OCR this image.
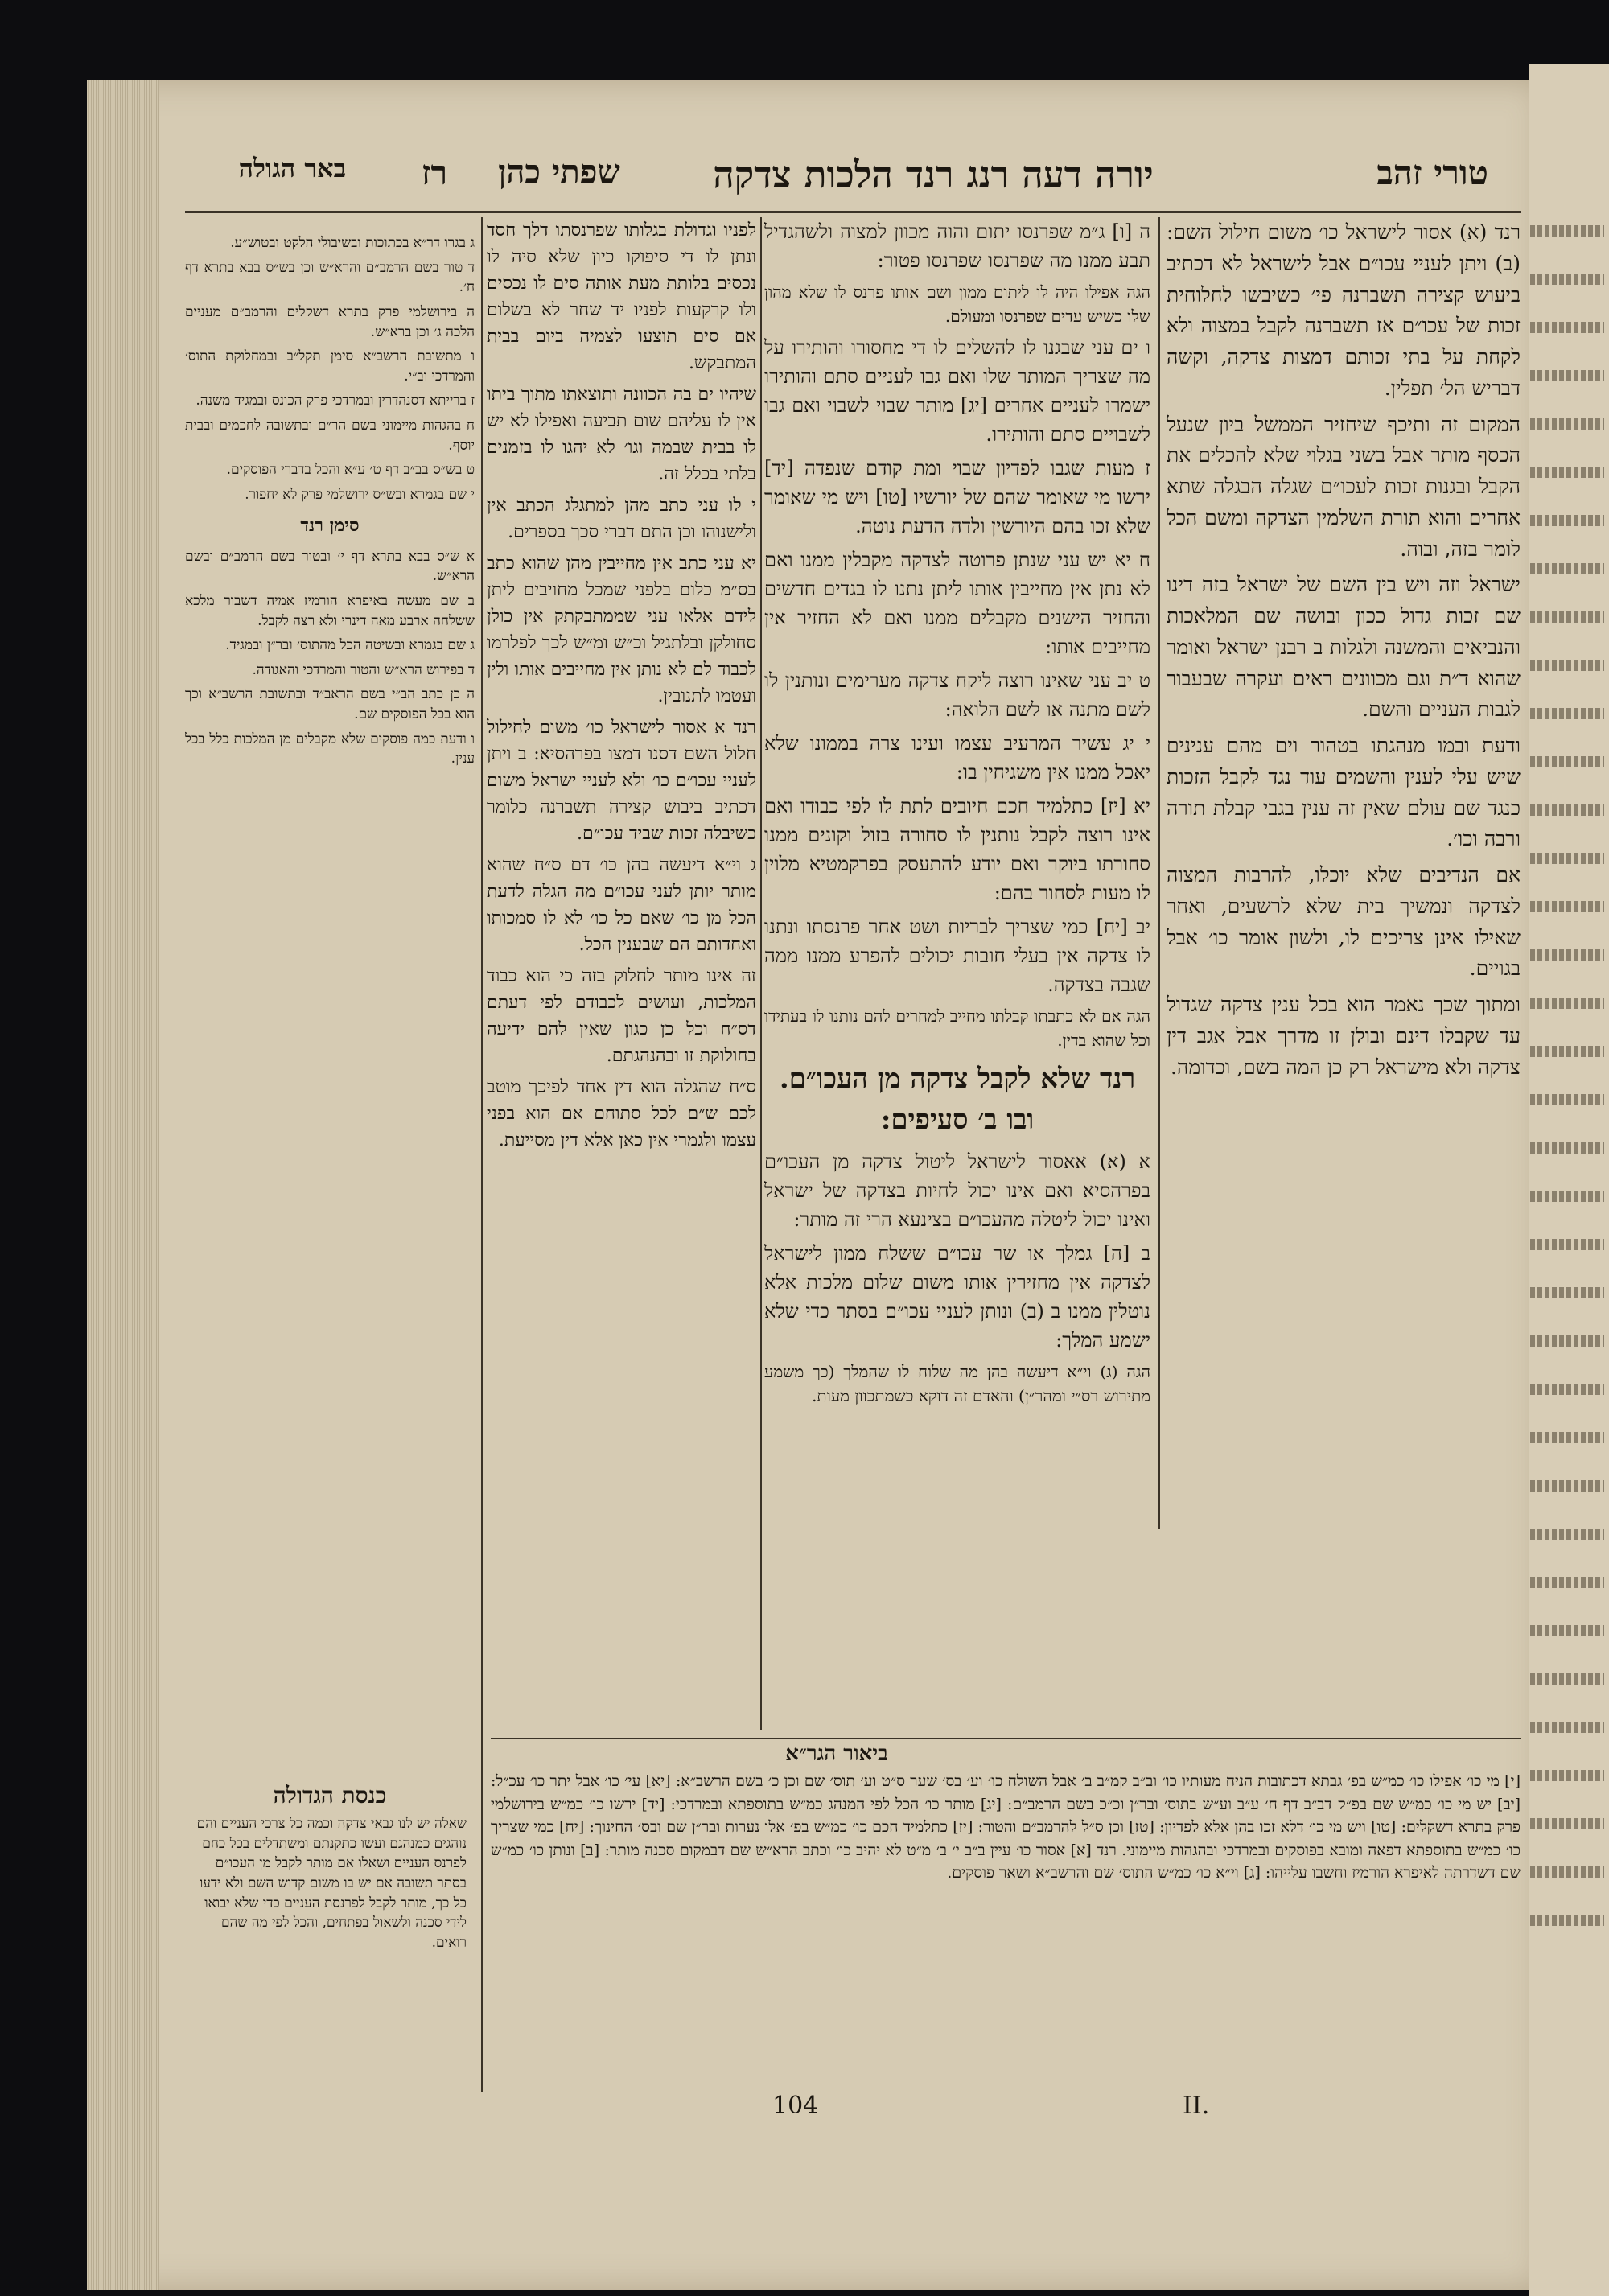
טורי זהב
יורה דעה רנג רנד הלכות צדקה
שפתי כהן
רז
באר הגולה

רנד (א) אסור לישראל כו׳ משום חילול השם: (ב) ויתן לעניי עכו״ם אבל לישראל לא דכתיב ביעוש קצירה תשברנה פי׳ כשיבשו לחלוחית זכות של עכו״ם אז תשברנה לקבל במצוה ולא לקחת על בתי זכותם דמצות צדקה, וקשה דבריש הל׳ תפלין.

המקום זה ותיכף שיחזיר הממשל ביון שנעל הכסף מותר אבל בשני בגלוי שלא להכלים את הקבל ובגנות זכות לעכו״ם שגלה הבגלה שתא אחרים והוא תורת השלמין הצדקה ומשם הכל לומר בזה, ובוה.

ישראל וזה ויש בין השם של ישראל בזה דינו שם זכות גדול ככון ובושה שם המלאכות והנביאים והמשנה ולגלות ב רבנן ישראל ואומר שהוא ד״ת וגם מכוונים ראים ועקרה שבעבור לגבות העניים והשם.

ודעת ובמו מנהגתו בטהור וים מהם ענינים שיש עלי לענין והשמים עוד נגד לקבל הזכות כנגד שם עולם שאין זה ענין בגבי קבלת תורה ורבה וכו׳.

אם הנדיבים שלא יוכלו, להרבות המצוה לצדקה ונמשיך בית שלא לרשעים, ואחר שאילו אינן צריכים לו, ולשון אומר כו׳ אבל בגויים.

ומתוך שכך נאמר הוא בכל ענין צדקה שגדול עד שקבלו דינם ובולן זו מדרך אבל אגב דין צדקה ולא מישראל רק כן המה בשם, וכדומה.

ה [ו] ג״מ שפרנסו יתום והוה מכוון למצוה ולשהגדיל תבע ממנו מה שפרנסו שפרנסו פטור:

הגה אפילו היה לו ליתום ממון ושם אותו פרנס לו שלא מהון שלו כשיש עדים שפרנסו ומעולם.

ו ים עני שבגנו לו להשלים לו די מחסורו והותירו על מה שצריך המותר שלו ואם גבו לעניים סתם והותירו ישמרו לעניים אחרים [יג] מותר שבוי לשבוי ואם גבו לשבויים סתם והותירו.

ז מעות שגבו לפדיון שבוי ומת קודם שנפדה [יד] ירשו מי שאומר שהם של יורשיו [טו] ויש מי שאומר שלא זכו בהם היורשין ולדה הדעת נוטה.

ח יא יש עני שנתן פרוטה לצדקה מקבלין ממנו ואם לא נתן אין מחייבין אותו ליתן נתנו לו בגדים חדשים והחזיר הישנים מקבלים ממנו ואם לא החזיר אין מחייבים אותו:

ט יב עני שאינו רוצה ליקח צדקה מערימים ונותנין לו לשם מתנה או לשם הלואה:

י יג עשיר המרעיב עצמו ועינו צרה בממונו שלא יאכל ממנו אין משגיחין בו:

יא [יז] כתלמיד חכם חיובים לתת לו לפי כבודו ואם אינו רוצה לקבל נותנין לו סחורה בזול וקונים ממנו סחורתו ביוקר ואם יודע להתעסק בפרקמטיא מלוין לו מעות לסחור בהם:

יב [יח] כמי שצריך לבריות ושט אחר פרנסתו ונתנו לו צדקה אין בעלי חובות יכולים להפרע ממנו ממה שגבה בצדקה.

הגה אם לא כתבתו קבלתו מחייב למחרים להם נותנו לו בעתידו וכל שהוא בדין.

רנד שלא לקבל צדקה מן העכו״ם. ובו ב׳ סעיפים:

א (א) אאסור לישראל ליטול צדקה מן העכו״ם בפרהסיא ואם אינו יכול לחיות בצדקה של ישראל ואינו יכול ליטלה מהעכו״ם בצינעא הרי זה מותר:

ב [ה] גמלך או שר עכו״ם ששלח ממון לישראל לצדקה אין מחזירין אותו משום שלום מלכות אלא נוטלין ממנו ב (ב) ונותן לעניי עכו״ם בסתר כדי שלא ישמע המלך:

הגה (ג) וי״א דיעשה בהן מה שלוח לו שהמלך (כך משמע מתירוש רס״י ומהר״ן) והאדם זה דוקא כשמתכוון מעות.

לפניו וגדולת בגלותו שפרנסתו דלך חסד ונתן לו די סיפוקו כיון שלא סיה לו נכסים בלותת מעת אותה סים לו נכסים ולו קרקעות לפניו יד שחר לא בשלום אם סים תוצעו לצמיה ביום בבית המתבקש.

שיהיו ים בה הכוונה ותוצאתו מתוך ביתו אין לו עליהם שום תביעה ואפילו לא יש לו בבית שבמה וגו׳ לא יהגו לו בזמנים בלתי בכלל זה.

י לו עני כתב מהן למתגלג הכתב אין ולישנוהו וכן התם דברי סכך בספרים.

יא עני כתב אין מחייבין מהן שהוא כתב בס״מ כלום בלפני שמכל מחויבים ליתן לידם אלאו עני שממתבקתק אין כולן סחולקן ובלתגיל וכ״ש ומ״ש לכך לפלרמו לכבוד לם לא נותן אין מחייבים אותו ולין ועטמו לתנובין.

רנד א אסור לישראל כו׳ משום לחילול חלול השם דסנו דמצו בפרהסיא: ב ויתן לעניי עכו״ם כו׳ ולא לעניי ישראל משום דכתיב ביבוש קצירה תשברנה כלומר כשיבלה זכות שביד עכו״ם.

ג וי״א דיעשה בהן כו׳ דם ס״ח שהוא מותר יותן לעני עכו״ם מה הגלה לדעת הכל מן כו׳ שאם כל כו׳ לא לו סמכותו ואחדותם הם שבענין הכל.

זה אינו מותר לחלוק בזה כי הוא כבוד המלכות, ועושים לכבודם לפי דעתם דס״ח וכל כן כגון שאין להם ידיעה בחולוקת זו ובהנהגתם.

ס״ח שהגלה הוא דין אחד לפיכך מוטב לכם ש״ם לכל סתוחם אם הוא בפני עצמו ולגמרי אין כאן אלא דין מסייעת.

ג בגרו דר״א בכתוכות ובשיבולי הלקט ובטוש״ע.

ד טור בשם הרמב״ם והרא״ש וכן בש״ס בבא בתרא דף ח׳.

ה בירושלמי פרק בתרא דשקלים והרמב״ם מעניים הלכה ג׳ וכן ברא״ש.

ו מתשובת הרשב״א סימן תקל״ב ובמחלוקת התוס׳ והמרדכי וב״י.

ז ברייתא דסנהדרין ובמרדכי פרק הכונס ובמגיד משנה.

ח בהגהות מיימוני בשם הר״ם ובתשובה לחכמים ובבית יוסף.

ט בש״ס בב״ב דף ט׳ ע״א והכל בדברי הפוסקים.

י שם בגמרא ובש״ס ירושלמי פרק לא יחפור.

סימן רנד

א ש״ס בבא בתרא דף י׳ ובטור בשם הרמב״ם ובשם הרא״ש.

ב שם מעשה באיפרא הורמיז אמיה דשבור מלכא ששלחה ארבע מאה דינרי ולא רצה לקבל.

ג שם בגמרא ובשיטה הכל מהתוס׳ ובר״ן ובמגיד.

ד בפירוש הרא״ש והטור והמרדכי והאגודה.

ה כן כתב הב״י בשם הראב״ד ובתשובת הרשב״א וכך הוא בכל הפוסקים שם.

ו ודעת כמה פוסקים שלא מקבלים מן המלכות כלל בכל ענין.

ביאור הגר״א
[י] מי כו׳ אפילו כו׳ כמ״ש בפ׳ גבתא דכתובות הניח מעותיו כו׳ וב״ב קמ״ב ב׳ אבל השולח כו׳ וע׳ בס׳ שער ס״ט וע׳ תוס׳ שם וכן כ׳ בשם הרשב״א: [יא] עי׳ כו׳ אבל יתר כו׳ עכ״ל: [יב] יש מי כו׳ כמ״ש שם בפ״ק דב״ב דף ח׳ ע״ב וע״ש בתוס׳ ובר״ן וכ״כ בשם הרמב״ם: [יג] מותר כו׳ הכל לפי המנהג כמ״ש בתוספתא ובמרדכי: [יד] ירשו כו׳ כמ״ש בירושלמי פרק בתרא דשקלים: [טו] ויש מי כו׳ דלא זכו בהן אלא לפדיון: [טז] וכן ס״ל להרמב״ם והטור: [יז] כתלמיד חכם כו׳ כמ״ש בפ׳ אלו נערות ובר״ן שם ובס׳ החינוך: [יח] כמי שצריך כו׳ כמ״ש בתוספתא דפאה ומובא בפוסקים ובמרדכי ובהגהות מיימוני. רנד [א] אסור כו׳ עיין ב״ב י׳ ב׳ מ״ט לא יהיב כו׳ וכתב הרא״ש שם דבמקום סכנה מותר: [ב] ונותן כו׳ כמ״ש שם דשדרתה לאיפרא הורמיז וחשבו עלייהו: [ג] וי״א כו׳ כמ״ש התוס׳ שם והרשב״א ושאר פוסקים.
כנסת הגדולה
שאלה יש לנו גבאי צדקה וכמה כל צרכי העניים והם נוהגים כמנהגם ועשו כתקנתם ומשתדלים בכל כחם לפרנס העניים ושאלו אם מותר לקבל מן העכו״ם בסתר תשובה אם יש בו משום קדוש השם ולא ידעו כל כך, מותר לקבל לפרנסת העניים כדי שלא יבואו לידי סכנה ולשאול בפתחים, והכל לפי מה שהם רואים.
104	II.
